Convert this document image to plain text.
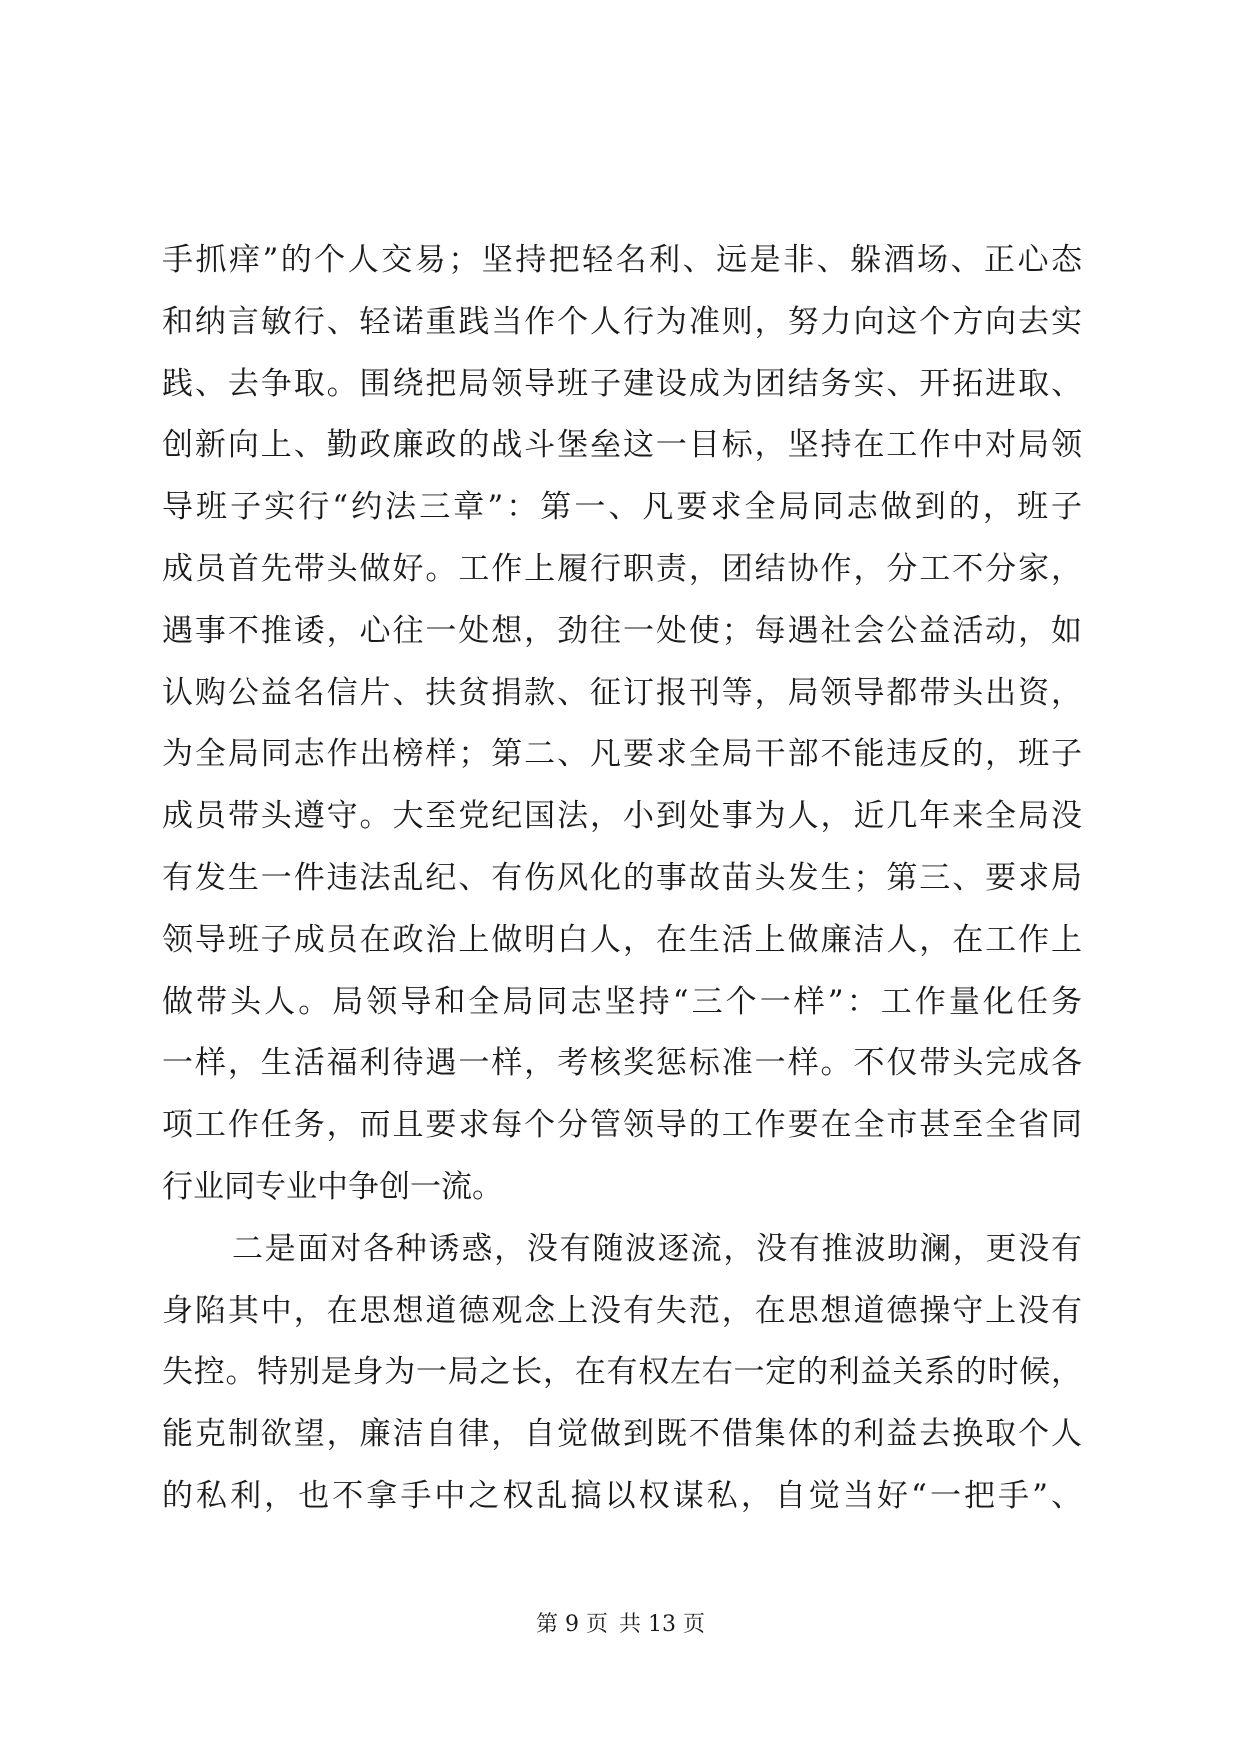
手抓痒”的个人交易；坚持把轻名利、远是非、躲酒场、正心态
和纳言敏行、轻诺重践当作个人行为准则，努力向这个方向去实
践、去争取。围绕把局领导班子建设成为团结务实、开拓进取、
创新向上、勤政廉政的战斗堡垒这一目标，坚持在工作中对局领
导班子实行“约法三章”：第一、凡要求全局同志做到的，班子
成员首先带头做好。工作上履行职责，团结协作，分工不分家，
遇事不推诿，心往一处想，劲往一处使；每遇社会公益活动，如
认购公益名信片、扶贫捐款、征订报刊等，局领导都带头出资，
为全局同志作出榜样；第二、凡要求全局干部不能违反的，班子
成员带头遵守。大至党纪国法，小到处事为人，近几年来全局没
有发生一件违法乱纪、有伤风化的事故苗头发生；第三、要求局
领导班子成员在政治上做明白人，在生活上做廉洁人，在工作上
做带头人。局领导和全局同志坚持“三个一样”：工作量化任务
一样，生活福利待遇一样，考核奖惩标准一样。不仅带头完成各
项工作任务，而且要求每个分管领导的工作要在全市甚至全省同
行业同专业中争创一流。
二是面对各种诱惑，没有随波逐流，没有推波助澜，更没有
身陷其中，在思想道德观念上没有失范，在思想道德操守上没有
失控。特别是身为一局之长，在有权左右一定的利益关系的时候，
能克制欲望，廉洁自律，自觉做到既不借集体的利益去换取个人
的私利，也不拿手中之权乱搞以权谋私，自觉当好“一把手”、
第 9 页 共 13 页
